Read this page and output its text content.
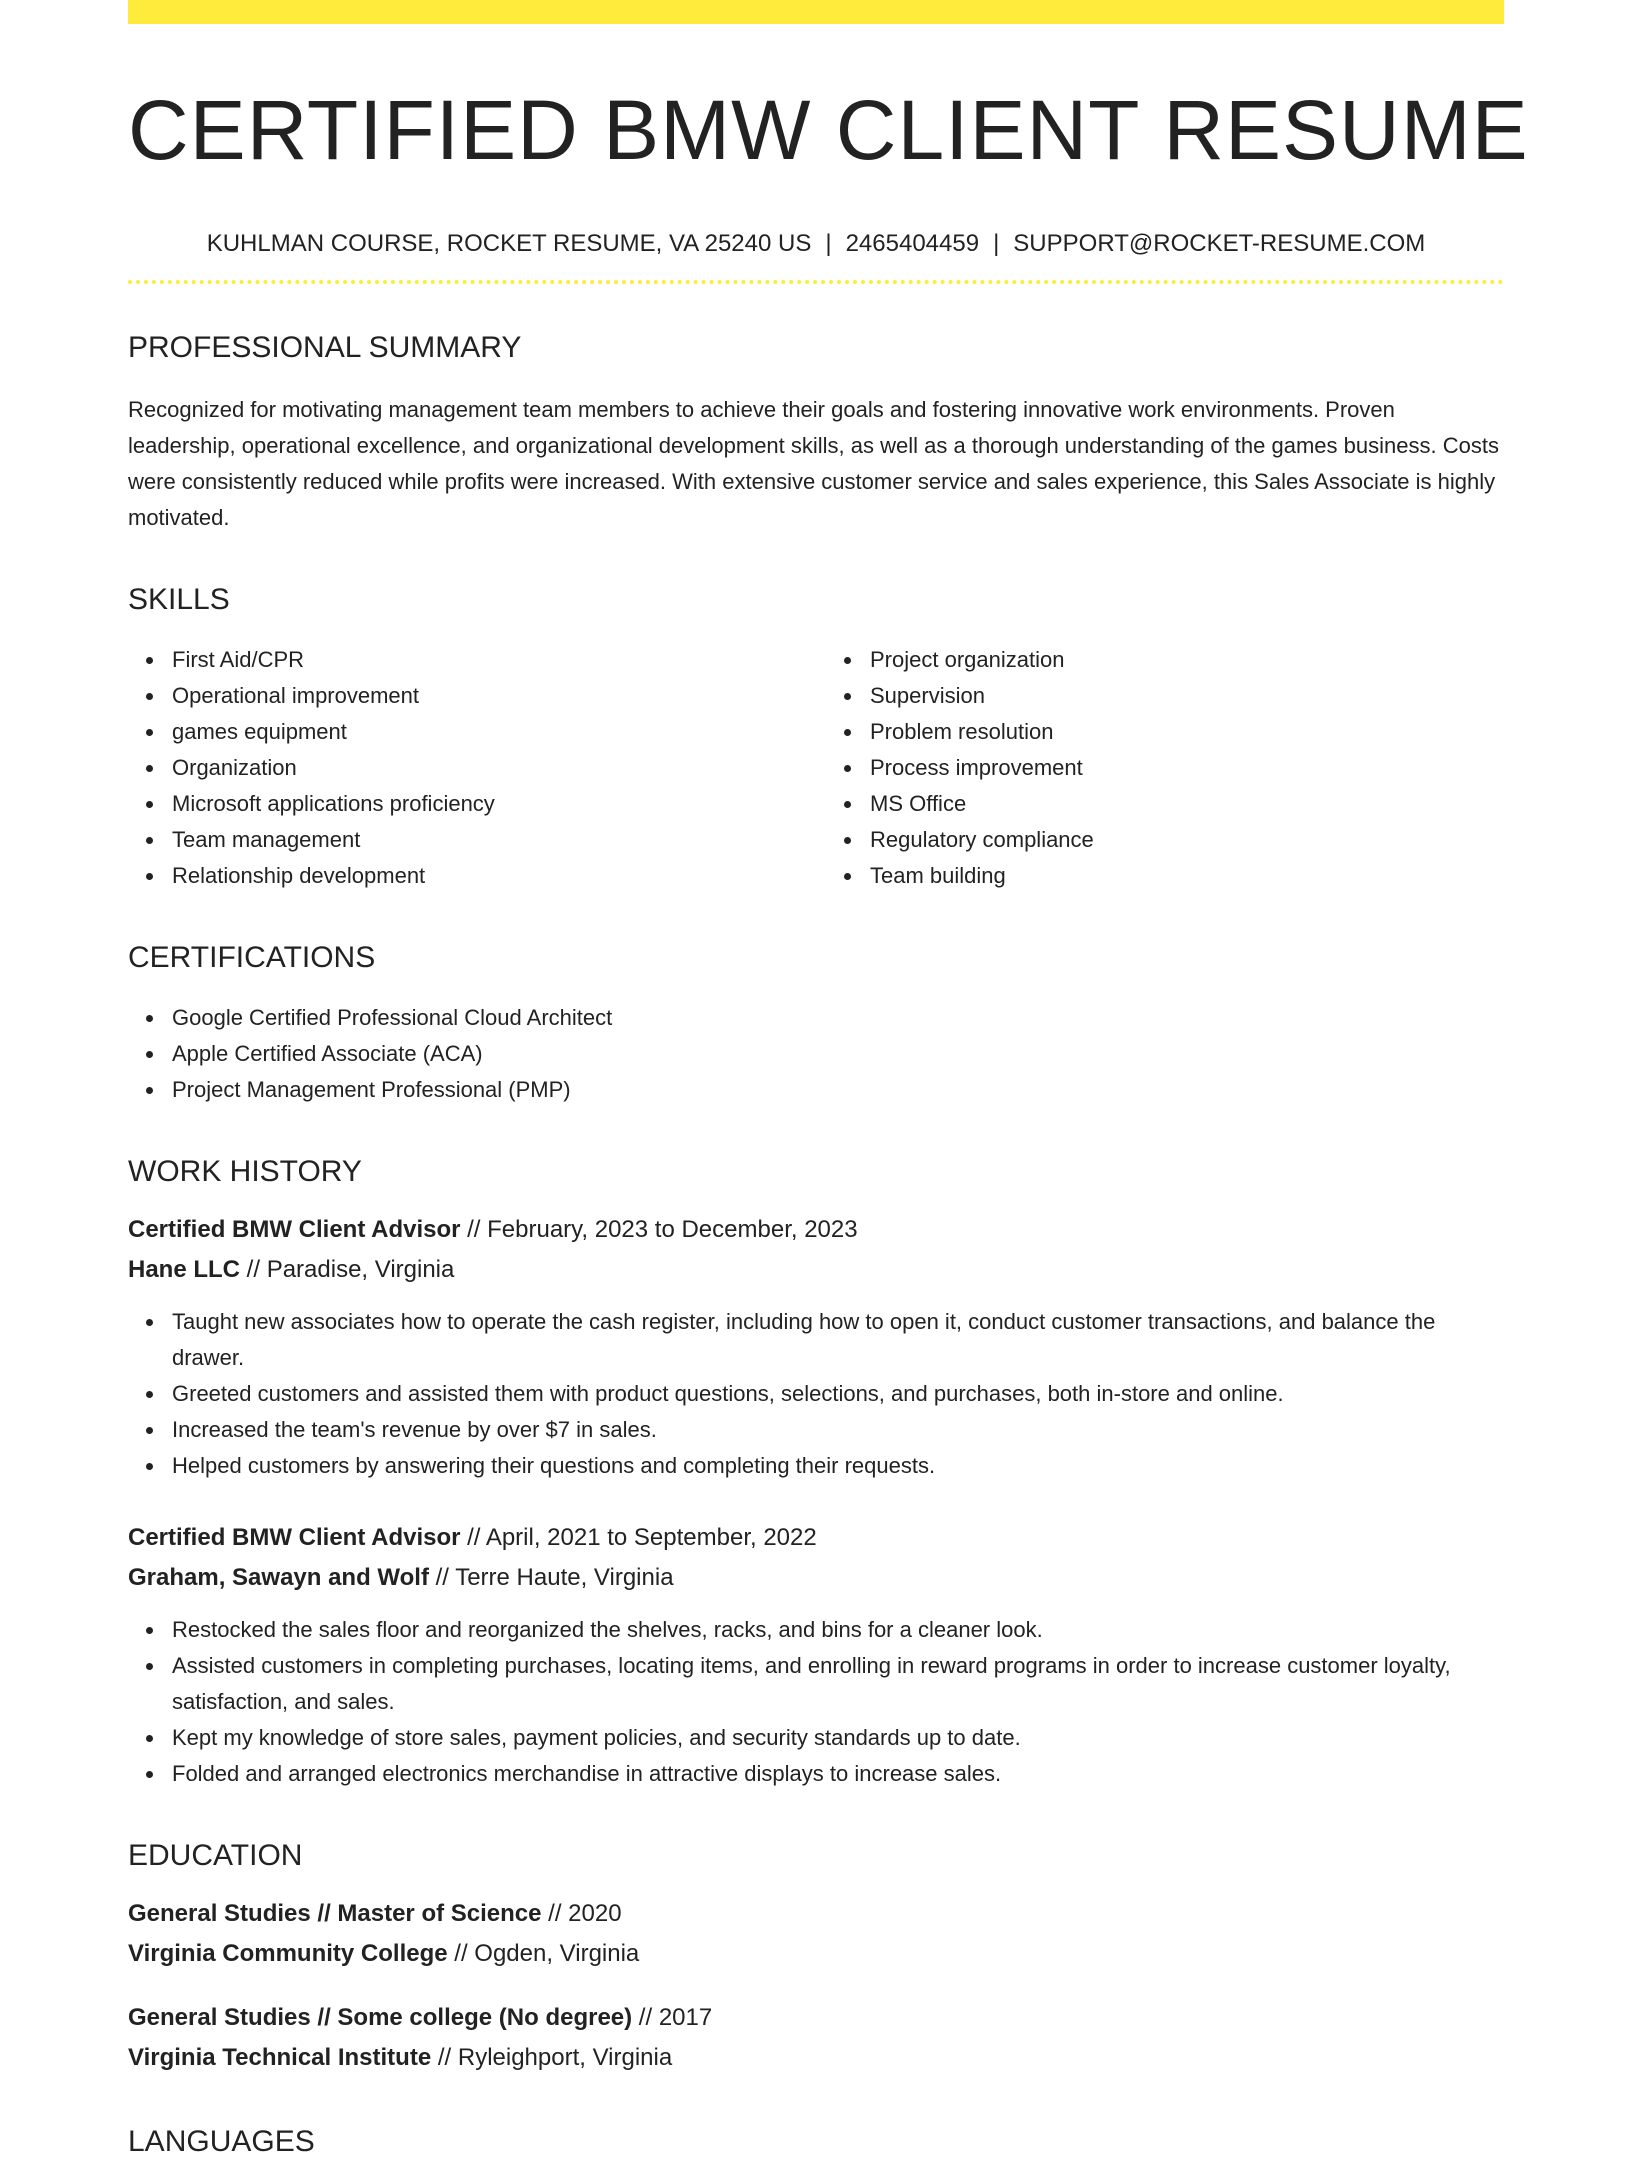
CERTIFIED BMW CLIENT RESUME
KUHLMAN COURSE, ROCKET RESUME, VA 25240 US | 2465404459 | SUPPORT@ROCKET-RESUME.COM
PROFESSIONAL SUMMARY

Recognized for motivating management team members to achieve their goals and fostering innovative work environments. Proven leadership, operational excellence, and organizational development skills, as well as a thorough understanding of the games business. Costs were consistently reduced while profits were increased. With extensive customer service and sales experience, this Sales Associate is highly motivated.

SKILLS
First Aid/CPR
Operational improvement
games equipment
Organization
Microsoft applications proficiency
Team management
Relationship development
Project organization
Supervision
Problem resolution
Process improvement
MS Office
Regulatory compliance
Team building
CERTIFICATIONS
Google Certified Professional Cloud Architect
Apple Certified Associate (ACA)
Project Management Professional (PMP)
WORK HISTORY
Certified BMW Client Advisor // February, 2023 to December, 2023
Hane LLC // Paradise, Virginia
Taught new associates how to operate the cash register, including how to open it, conduct customer transactions, and balance the drawer.
Greeted customers and assisted them with product questions, selections, and purchases, both in-store and online.
Increased the team's revenue by over $7 in sales.
Helped customers by answering their questions and completing their requests.
Certified BMW Client Advisor // April, 2021 to September, 2022
Graham, Sawayn and Wolf // Terre Haute, Virginia
Restocked the sales floor and reorganized the shelves, racks, and bins for a cleaner look.
Assisted customers in completing purchases, locating items, and enrolling in reward programs in order to increase customer loyalty, satisfaction, and sales.
Kept my knowledge of store sales, payment policies, and security standards up to date.
Folded and arranged electronics merchandise in attractive displays to increase sales.
EDUCATION
General Studies // Master of Science // 2020
Virginia Community College // Ogden, Virginia
General Studies // Some college (No degree) // 2017
Virginia Technical Institute // Ryleighport, Virginia
LANGUAGES
